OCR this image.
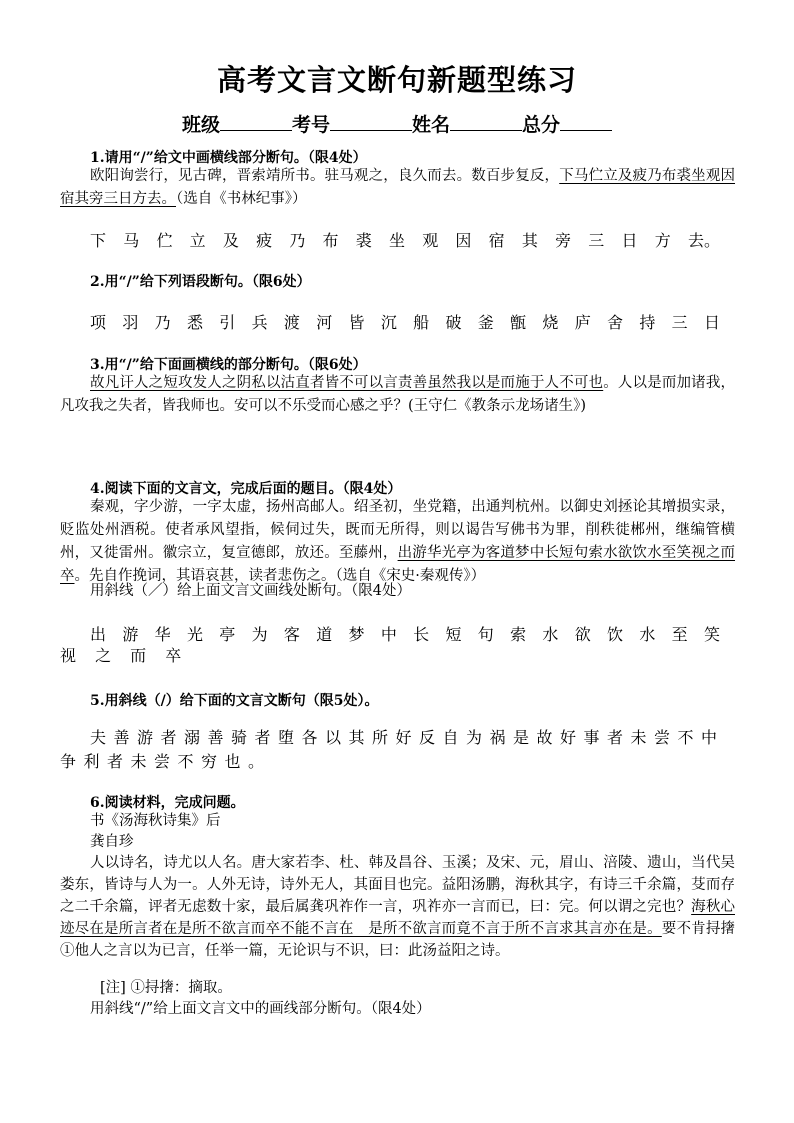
高考文言文断句新题型练习
班级	考号	姓名	总分
1.请用“/”给文中画横线部分断句。（限4处）
欧阳询尝行，见古碑，晋索靖所书。驻马观之，良久而去。数百步复反，下马伫立及疲乃布裘坐观因宿其旁三日方去。（选自《书林纪事》）
下 马 伫 立 及 疲 乃 布 裘 坐 观 因 宿 其 旁 三 日 方 去。
2.用“/”给下列语段断句。（限6处）
项 羽 乃 悉 引 兵 渡 河 皆 沉 船 破 釜 甑 烧 庐 舍 持 三 日
3.用“/”给下面画横线的部分断句。（限6处）
故凡讦人之短攻发人之阴私以沽直者皆不可以言责善虽然我以是而施于人不可也。人以是而加诸我，凡攻我之失者，皆我师也。安可以不乐受而心感之乎？(王守仁《教条示龙场诸生》)
4.阅读下面的文言文，完成后面的题目。（限4处）
秦观，字少游，一字太虚，扬州高邮人。绍圣初，坐党籍，出通判杭州。以御史刘拯论其增损实录，贬监处州酒税。使者承风望指，候伺过失，既而无所得，则以谒告写佛书为罪，削秩徙郴州，继编管横州，又徙雷州。徽宗立，复宣德郎，放还。至藤州，出游华光亭为客道梦中长短句索水欲饮水至笑视之而卒。先自作挽词，其语哀甚，读者悲伤之。（选自《宋史·秦观传》）
用斜线（／）给上面文言文画线处断句。（限4处）
出 游 华 光 亭 为 客 道 梦 中 长 短 句 索 水 欲 饮 水 至 笑
视 之 而 卒
5.用斜线（/）给下面的文言文断句（限5处）。
夫善游者溺善骑者堕各以其所好反自为祸是故好事者未尝不中争利者未尝不穷也。
6.阅读材料，完成问题。
书《汤海秋诗集》后
龚自珍
人以诗名，诗尤以人名。唐大家若李、杜、韩及昌谷、玉溪；及宋、元，眉山、涪陵、遗山，当代吴娄东，皆诗与人为一。人外无诗，诗外无人，其面目也完。益阳汤鹏，海秋其字，有诗三千余篇，芟而存之二千余篇，评者无虑数十家，最后属龚巩祚作一言，巩祚亦一言而已，曰：完。何以谓之完也？海秋心迹尽在是所言者在是所不欲言而卒不能不言在　是所不欲言而竟不言于所不言求其言亦在是。要不肯挦撦①他人之言以为已言，任举一篇，无论识与不识，曰：此汤益阳之诗。
[注] ①挦撦：摘取。
用斜线“/”给上面文言文中的画线部分断句。（限4处）
